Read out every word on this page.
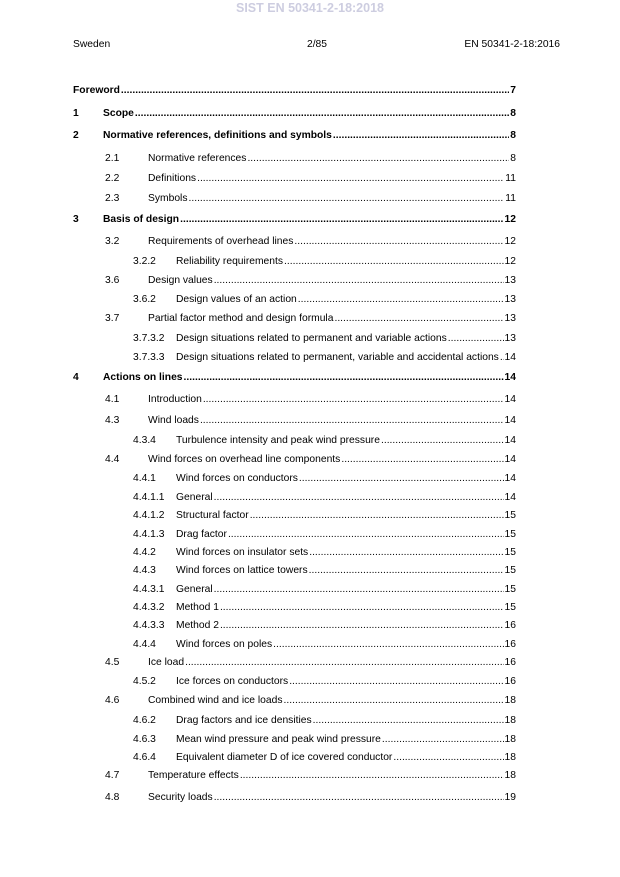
SIST EN 50341-2-18:2018
Sweden	2/85	EN 50341-2-18:2016
Foreword .....	7
1 Scope .....	8
2 Normative references, definitions and symbols .....	8
2.1	Normative references .....	8
2.2	Definitions .....	11
2.3	Symbols .....	11
3 Basis of design .....	12
3.2	Requirements of overhead lines .....	12
3.2.2 Reliability requirements .....	12
3.6	Design values .....	13
3.6.2 Design values of an action .....	13
3.7	Partial factor method and design formula .....	13
3.7.3.2 Design situations related to permanent and variable actions .....	13
3.7.3.3 Design situations related to permanent, variable and accidental actions ..... 14
4 Actions on lines .....	14
4.1	Introduction .....	14
4.3	Wind loads .....	14
4.3.4 Turbulence intensity and peak wind pressure .....	14
4.4	Wind forces on overhead line components .....	14
4.4.1 Wind forces on conductors .....	14
4.4.1.1 General .....	14
4.4.1.2 Structural factor .....	15
4.4.1.3 Drag factor .....	15
4.4.2 Wind forces on insulator sets .....	15
4.4.3 Wind forces on lattice towers .....	15
4.4.3.1 General .....	15
4.4.3.2 Method 1 .....	15
4.4.3.3 Method 2 .....	16
4.4.4 Wind forces on poles .....	16
4.5	Ice load .....	16
4.5.2 Ice forces on conductors .....	16
4.6	Combined wind and ice loads .....	18
4.6.2 Drag factors and ice densities .....	18
4.6.3 Mean wind pressure and peak wind pressure .....	18
4.6.4 Equivalent diameter D of ice covered conductor .....	18
4.7	Temperature effects .....	18
4.8	Security loads .....	19
